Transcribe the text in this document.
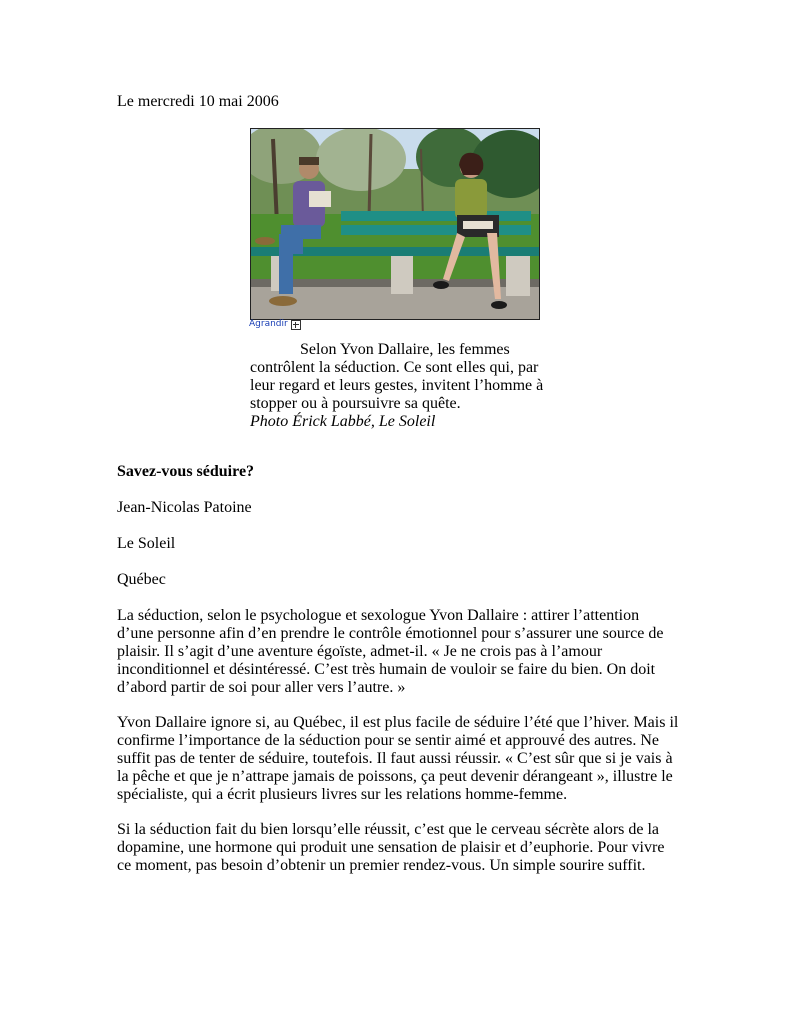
Le mercredi 10 mai 2006
Agrandir

Selon Yvon Dallaire, les femmes contrôlent la séduction. Ce sont elles qui, par leur regard et leurs gestes, invitent l’homme à stopper ou à poursuivre sa quête.

Photo Érick Labbé, Le Soleil

Savez-vous séduire?
Jean-Nicolas Patoine
Le Soleil
Québec

La séduction, selon le psychologue et sexologue Yvon Dallaire : attirer l’attention d’une personne afin d’en prendre le contrôle émotionnel pour s’assurer une source de plaisir. Il s’agit d’une aventure égoïste, admet-il. « Je ne crois pas à l’amour inconditionnel et désintéressé. C’est très humain de vouloir se faire du bien. On doit d’abord partir de soi pour aller vers l’autre. »

Yvon Dallaire ignore si, au Québec, il est plus facile de séduire l’été que l’hiver. Mais il confirme l’importance de la séduction pour se sentir aimé et approuvé des autres. Ne suffit pas de tenter de séduire, toutefois. Il faut aussi réussir. « C’est sûr que si je vais à la pêche et que je n’attrape jamais de poissons, ça peut devenir dérangeant », illustre le spécialiste, qui a écrit plusieurs livres sur les relations homme-femme.

Si la séduction fait du bien lorsqu’elle réussit, c’est que le cerveau sécrète alors de la dopamine, une hormone qui produit une sensation de plaisir et d’euphorie. Pour vivre ce moment, pas besoin d’obtenir un premier rendez-vous. Un simple sourire suffit.
